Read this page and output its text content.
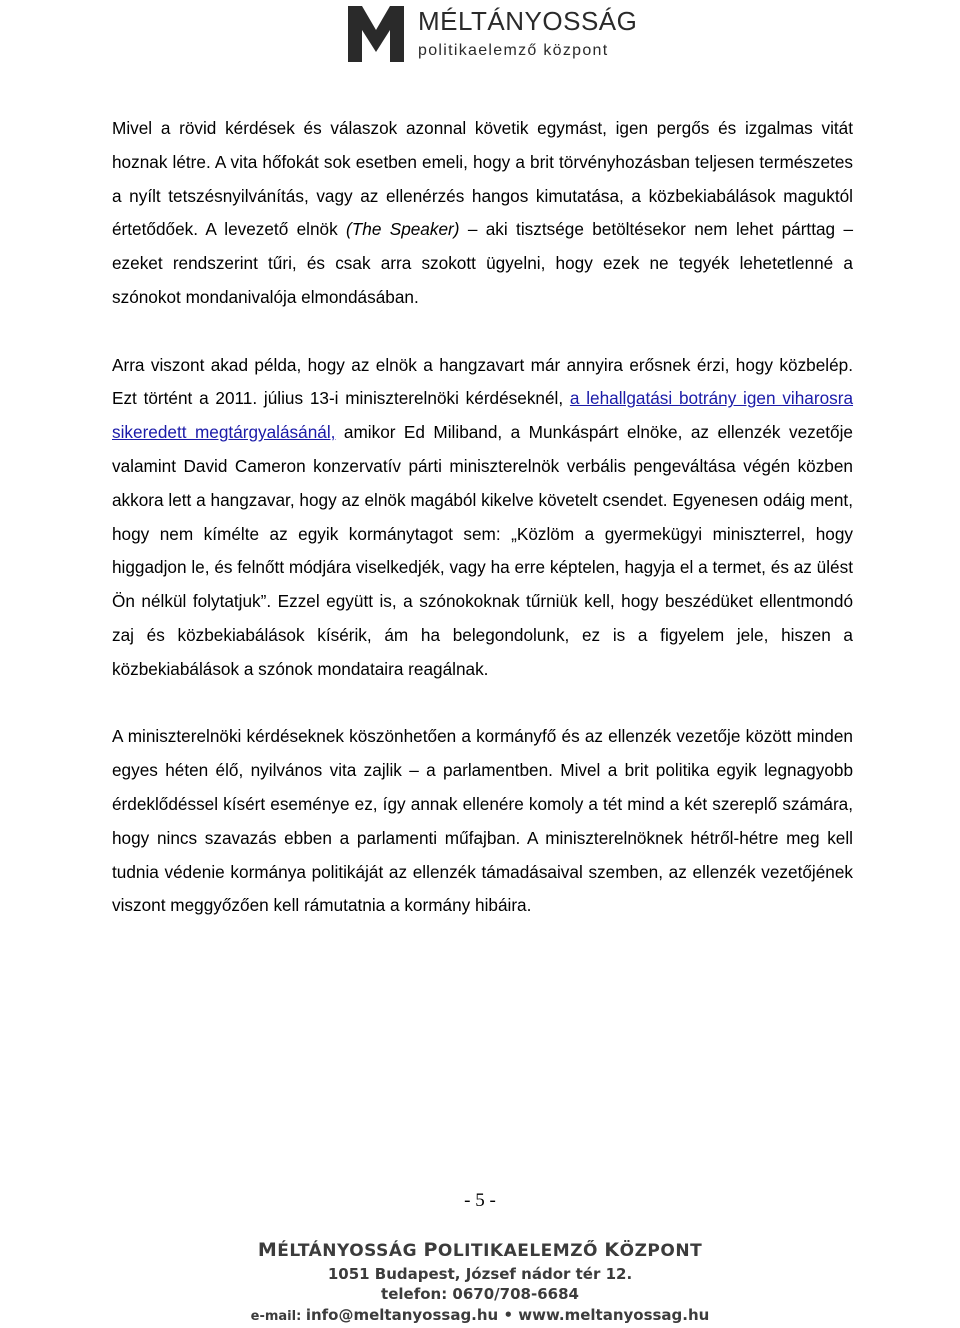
MÉLTÁNYOSSÁG
politikaelemző központ

Mivel a rövid kérdések és válaszok azonnal követik egymást, igen pergős és izgalmas vitát hoznak létre. A vita hőfokát sok esetben emeli, hogy a brit törvényhozásban teljesen természetes a nyílt tetszésnyilvánítás, vagy az ellenérzés hangos kimutatása, a közbekiabálások maguktól értetődőek. A levezető elnök (The Speaker) – aki tisztsége betöltésekor nem lehet párttag – ezeket rendszerint tűri, és csak arra szokott ügyelni, hogy ezek ne tegyék lehetetlenné a szónokot mondanivalója elmondásában.

Arra viszont akad példa, hogy az elnök a hangzavart már annyira erősnek érzi, hogy közbelép. Ezt történt a 2011. július 13-i miniszterelnöki kérdéseknél, a lehallgatási botrány igen viharosra sikeredett megtárgyalásánál, amikor Ed Miliband, a Munkáspárt elnöke, az ellenzék vezetője valamint David Cameron konzervatív párti miniszterelnök verbális pengeváltása végén közben akkora lett a hangzavar, hogy az elnök magából kikelve követelt csendet. Egyenesen odáig ment, hogy nem kímélte az egyik kormánytagot sem: „Közlöm a gyermekügyi miniszterrel, hogy higgadjon le, és felnőtt módjára viselkedjék, vagy ha erre képtelen, hagyja el a termet, és az ülést Ön nélkül folytatjuk”. Ezzel együtt is, a szónokoknak tűrniük kell, hogy beszédüket ellentmondó zaj és közbekiabálások kísérik, ám ha belegondolunk, ez is a figyelem jele, hiszen a közbekiabálások a szónok mondataira reagálnak.

A miniszterelnöki kérdéseknek köszönhetően a kormányfő és az ellenzék vezetője között minden egyes héten élő, nyilvános vita zajlik – a parlamentben. Mivel a brit politika egyik legnagyobb érdeklődéssel kísért eseménye ez, így annak ellenére komoly a tét mind a két szereplő számára, hogy nincs szavazás ebben a parlamenti műfajban. A miniszterelnöknek hétről-hétre meg kell tudnia védenie kormánya politikáját az ellenzék támadásaival szemben, az ellenzék vezetőjének viszont meggyőzően kell rámutatnia a kormány hibáira.

- 5 -
MÉLTÁNYOSSÁG POLITIKAELEMZŐ KÖZPONT
1051 Budapest, József nádor tér 12.
telefon: 0670/708-6684
e-mail: info@meltanyossag.hu • www.meltanyossag.hu
